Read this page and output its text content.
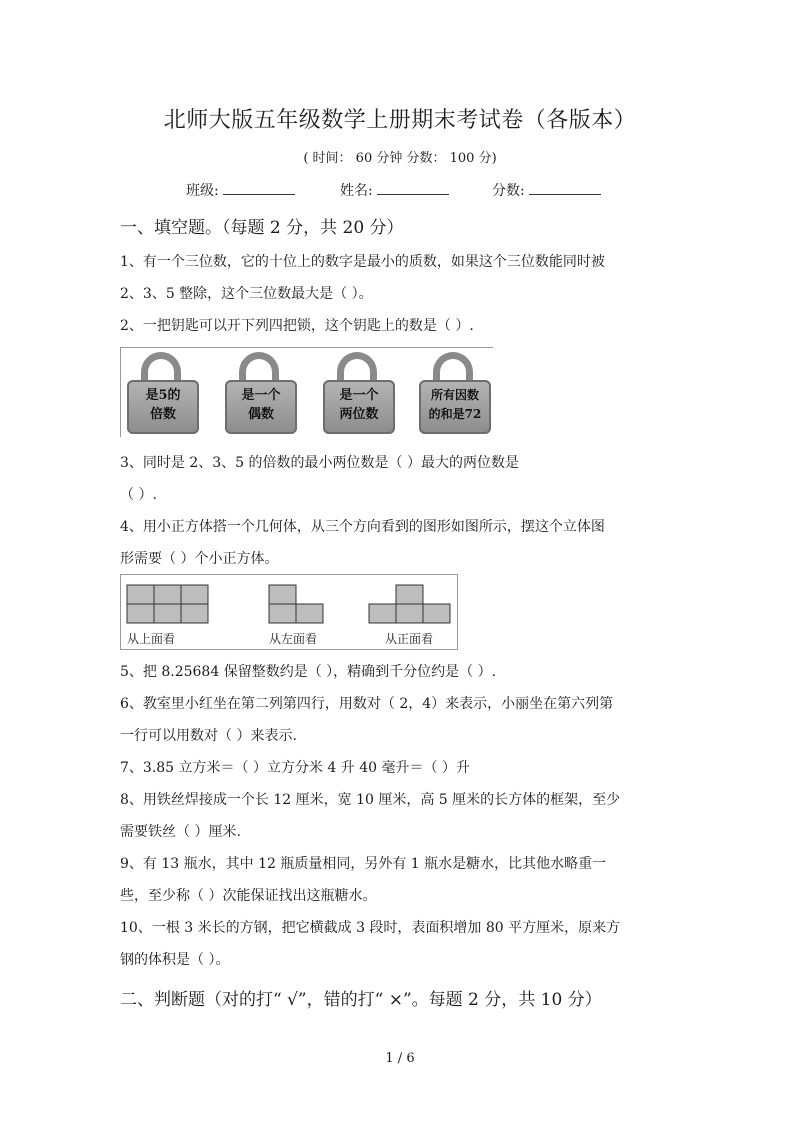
北师大版五年级数学上册期末考试卷（各版本）
( 时间： 60 分钟 分数： 100 分)
班级:	姓名:	分数:
一、填空题。（每题 2 分，共 20 分）
1、有一个三位数，它的十位上的数字是最小的质数，如果这个三位数能同时被
2、3、5 整除，这个三位数最大是（ ）。
2、一把钥匙可以开下列四把锁，这个钥匙上的数是（ ）.
是5的
倍数
是一个
偶数
是一个
两位数
所有因数
的和是72
3、同时是 2、3、5 的倍数的最小两位数是（ ）最大的两位数是
（ ）.
4、用小正方体搭一个几何体，从三个方向看到的图形如图所示，摆这个立体图
形需要（ ）个小正方体。
从上面看	从左面看	从正面看
5、把 8.25684 保留整数约是（ ），精确到千分位约是（ ）.
6、教室里小红坐在第二列第四行，用数对（ 2，4）来表示，小丽坐在第六列第
一行可以用数对（ ）来表示.
7、3.85 立方米＝（ ）立方分米 4 升 40 毫升＝（ ）升
8、用铁丝焊接成一个长 12 厘米，宽 10 厘米，高 5 厘米的长方体的框架，至少
需要铁丝（ ）厘米.
9、有 13 瓶水，其中 12 瓶质量相同，另外有 1 瓶水是糖水，比其他水略重一
些，至少称（ ）次能保证找出这瓶糖水。
10、一根 3 米长的方钢，把它横截成 3 段时，表面积增加 80 平方厘米，原来方
钢的体积是（ ）。
二、判断题（对的打“ √”，错的打“ ×”。每题 2 分，共 10 分）
1 / 6
